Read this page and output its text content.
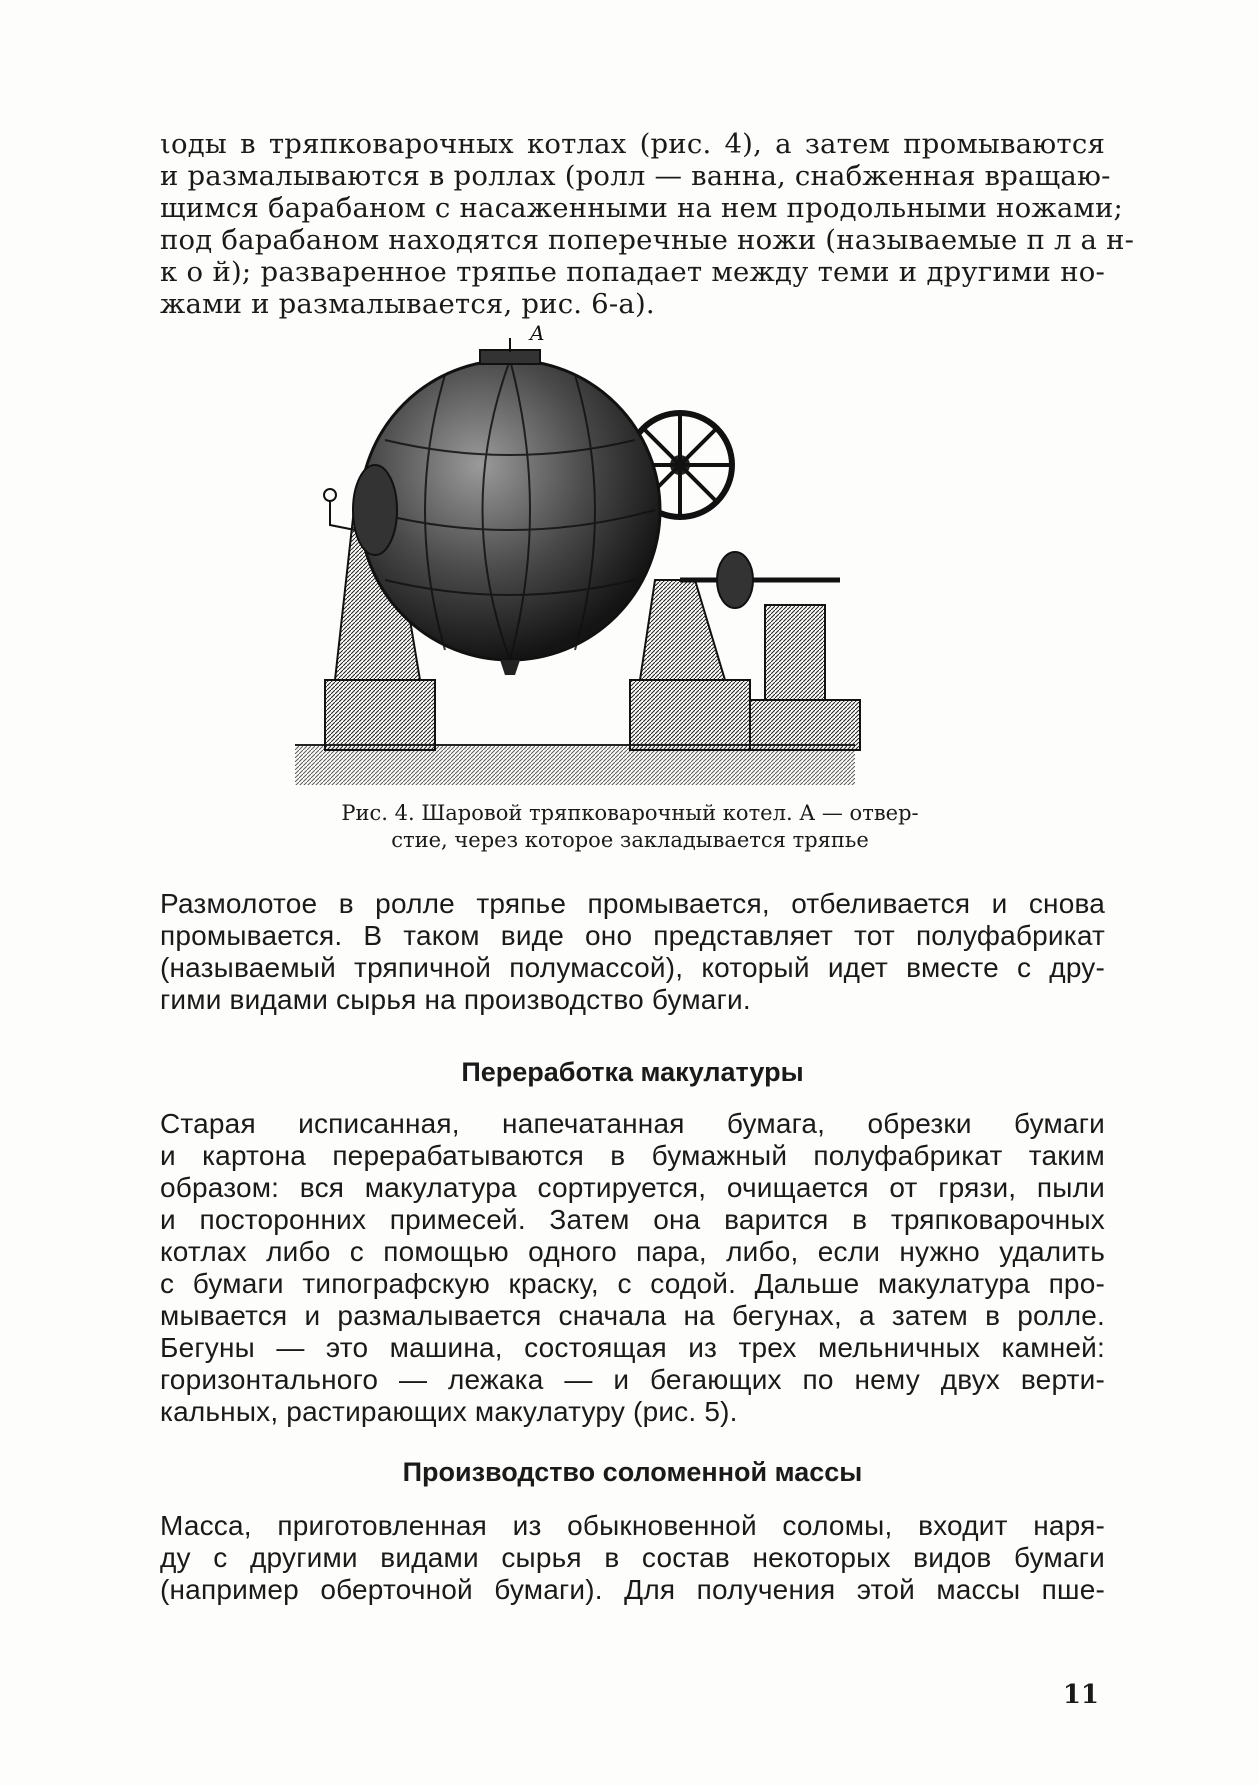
ιоды в тряпковарочных котлах (рис. 4), а затем промываются
и размалываются в роллах (ролл — ванна, снабженная вращаю-
щимся барабаном с насаженными на нем продольными ножами;
под барабаном находятся поперечные ножи (называемые п л а н-
к о й); разваренное тряпье попадает между теми и другими но-
жами и размалывается, рис. 6-а).
A
Рис. 4. Шаровой тряпковарочный котел. А — отвер-
стие, через которое закладывается тряпье
Размолотое в ролле тряпье промывается, отбеливается и снова
промывается. В таком виде оно представляет тот полуфабрикат
(называемый тряпичной полумассой), который идет вместе с дру-
гими видами сырья на производство бумаги.
Переработка макулатуры
Старая исписанная, напечатанная бумага, обрезки бумаги
и картона перерабатываются в бумажный полуфабрикат таким
образом: вся макулатура сортируется, очищается от грязи, пыли
и посторонних примесей. Затем она варится в тряпковарочных
котлах либо с помощью одного пара, либо, если нужно удалить
с бумаги типографскую краску, с содой. Дальше макулатура про-
мывается и размалывается сначала на бегунах, а затем в ролле.
Бегуны — это машина, состоящая из трех мельничных камней:
горизонтального — лежака — и бегающих по нему двух верти-
кальных, растирающих макулатуру (рис. 5).
Производство соломенной массы
Масса, приготовленная из обыкновенной соломы, входит наря-
ду с другими видами сырья в состав некоторых видов бумаги
(например оберточной бумаги). Для получения этой массы пше-
11
